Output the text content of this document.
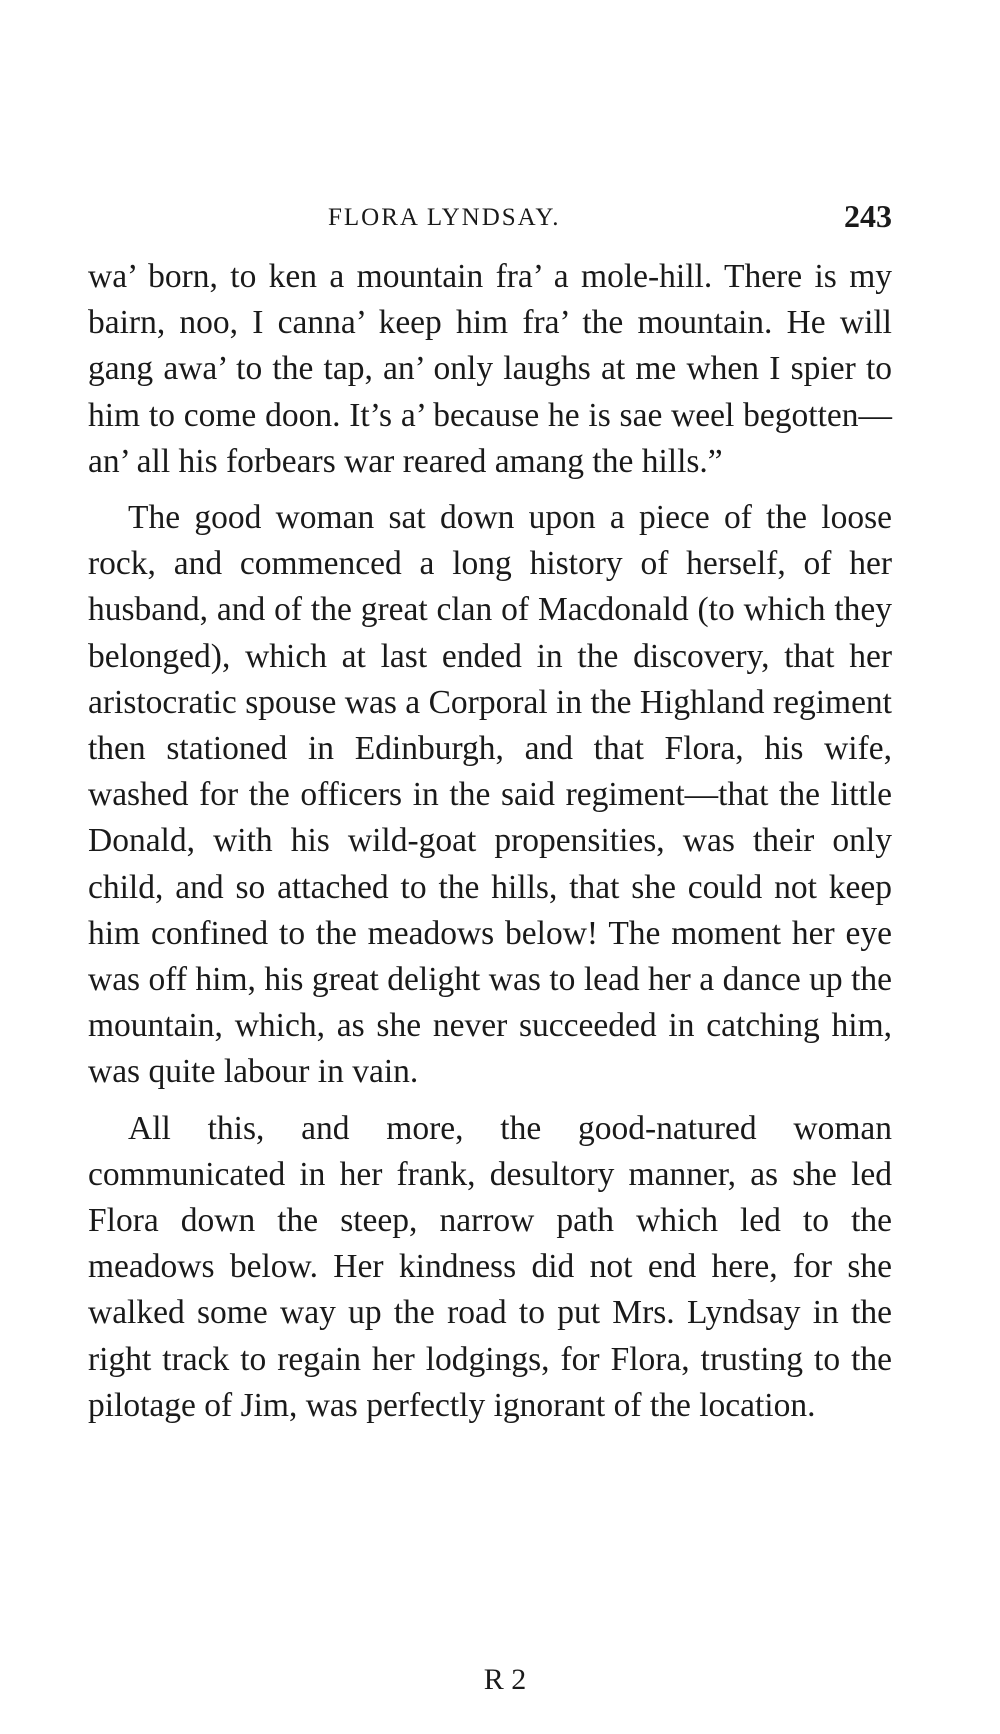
FLORA LYNDSAY.	243

wa’ born, to ken a mountain fra’ a mole-hill. There is my bairn, noo, I canna’ keep him fra’ the mountain. He will gang awa’ to the tap, an’ only laughs at me when I spier to him to come doon. It’s a’ because he is sae weel begotten—an’ all his forbears war reared amang the hills.”

The good woman sat down upon a piece of the loose rock, and commenced a long history of herself, of her husband, and of the great clan of Macdonald (to which they belonged), which at last ended in the discovery, that her aristocratic spouse was a Corporal in the Highland regiment then stationed in Edinburgh, and that Flora, his wife, washed for the officers in the said regiment—that the little Donald, with his wild-goat propensities, was their only child, and so attached to the hills, that she could not keep him confined to the meadows below! The moment her eye was off him, his great delight was to lead her a dance up the mountain, which, as she never succeeded in catching him, was quite labour in vain.

All this, and more, the good-natured woman communicated in her frank, desultory manner, as she led Flora down the steep, narrow path which led to the meadows below. Her kindness did not end here, for she walked some way up the road to put Mrs. Lyndsay in the right track to regain her lodgings, for Flora, trusting to the pilotage of Jim, was perfectly ignorant of the location.

R 2
